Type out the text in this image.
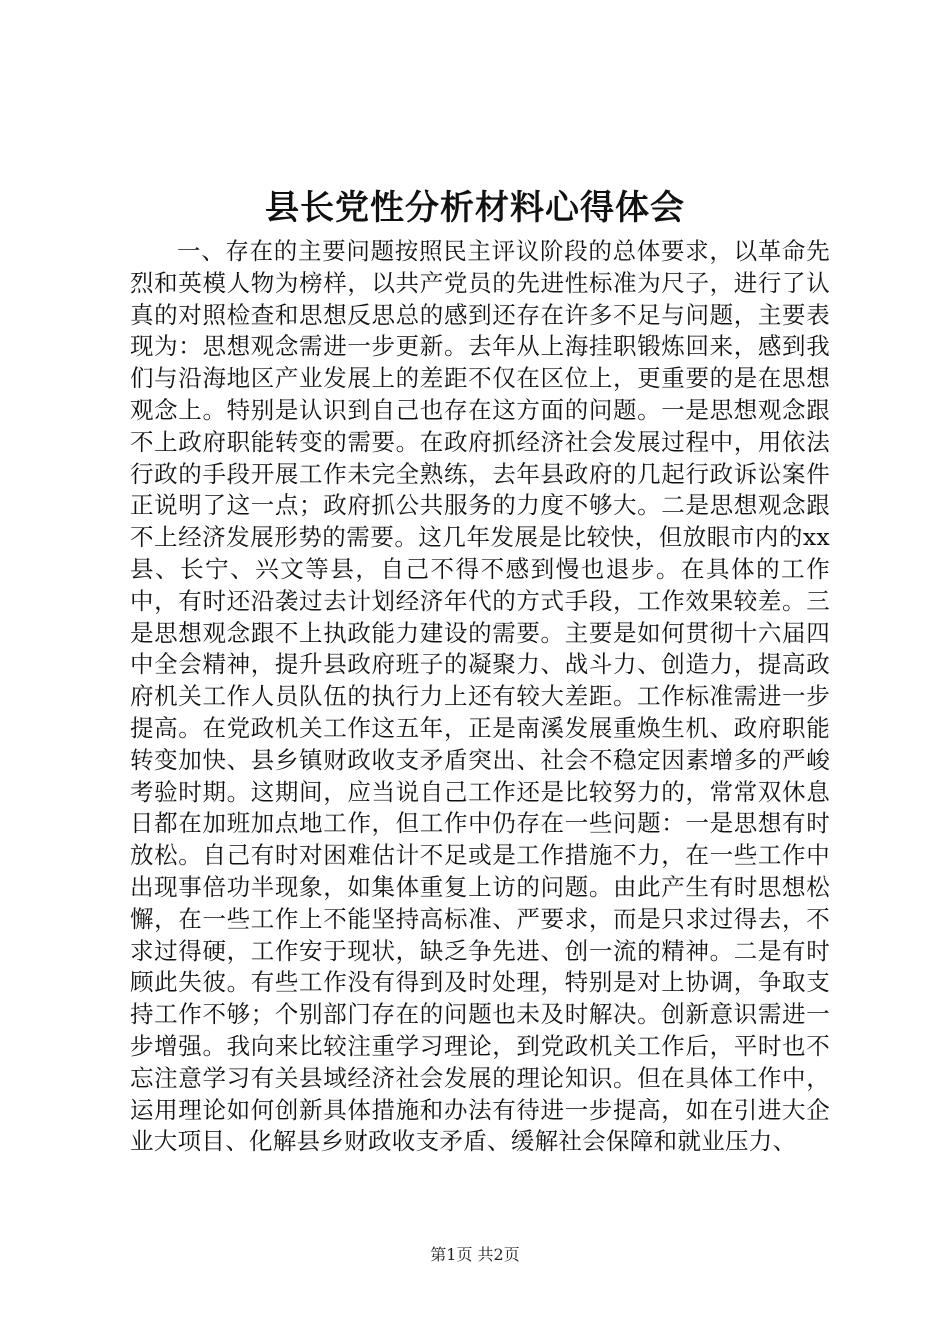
县长党性分析材料心得体会

一、存在的主要问题按照民主评议阶段的总体要求，以革命先烈和英模人物为榜样，以共产党员的先进性标准为尺子，进行了认真的对照检查和思想反思总的感到还存在许多不足与问题，主要表现为：思想观念需进一步更新。去年从上海挂职锻炼回来，感到我们与沿海地区产业发展上的差距不仅在区位上，更重要的是在思想观念上。特别是认识到自己也存在这方面的问题。一是思想观念跟不上政府职能转变的需要。在政府抓经济社会发展过程中，用依法行政的手段开展工作未完全熟练，去年县政府的几起行政诉讼案件正说明了这一点；政府抓公共服务的力度不够大。二是思想观念跟不上经济发展形势的需要。这几年发展是比较快，但放眼市内的xx县、长宁、兴文等县，自己不得不感到慢也退步。在具体的工作中，有时还沿袭过去计划经济年代的方式手段，工作效果较差。三是思想观念跟不上执政能力建设的需要。主要是如何贯彻十六届四中全会精神，提升县政府班子的凝聚力、战斗力、创造力，提高政府机关工作人员队伍的执行力上还有较大差距。工作标准需进一步提高。在党政机关工作这五年，正是南溪发展重焕生机、政府职能转变加快、县乡镇财政收支矛盾突出、社会不稳定因素增多的严峻考验时期。这期间，应当说自己工作还是比较努力的，常常双休息日都在加班加点地工作，但工作中仍存在一些问题：一是思想有时放松。自己有时对困难估计不足或是工作措施不力，在一些工作中出现事倍功半现象，如集体重复上访的问题。由此产生有时思想松懈，在一些工作上不能坚持高标准、严要求，而是只求过得去，不求过得硬，工作安于现状，缺乏争先进、创一流的精神。二是有时顾此失彼。有些工作没有得到及时处理，特别是对上协调，争取支持工作不够；个别部门存在的问题也未及时解决。创新意识需进一步增强。我向来比较注重学习理论，到党政机关工作后，平时也不忘注意学习有关县域经济社会发展的理论知识。但在具体工作中，运用理论如何创新具体措施和办法有待进一步提高，如在引进大企业大项目、化解县乡财政收支矛盾、缓解社会保障和就业压力、

第1页 共2页
